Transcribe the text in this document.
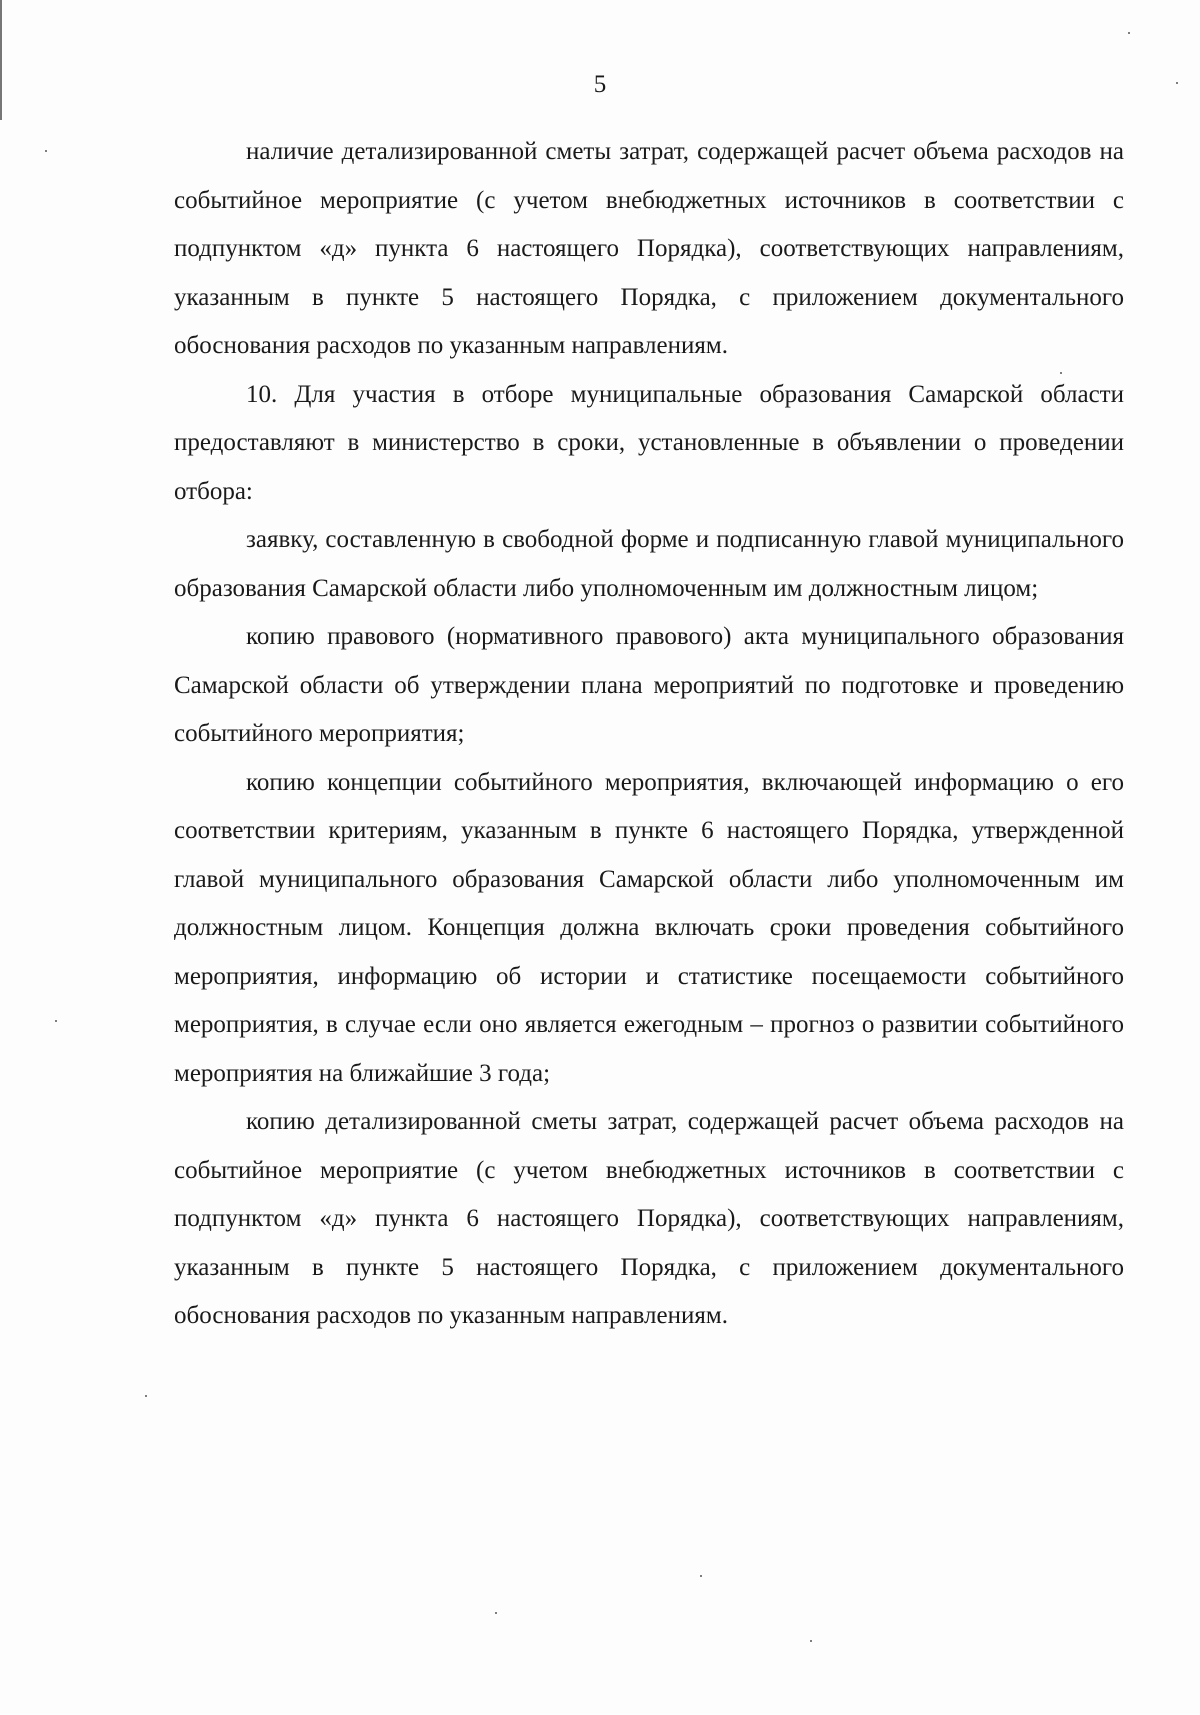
5

наличие детализированной сметы затрат, содержащей расчет объема расходов на событийное мероприятие (с учетом внебюджетных источников в соответствии с подпунктом «д» пункта 6 настоящего Порядка), соответствующих направлениям, указанным в пункте 5 настоящего Порядка, с приложением документального обоснования расходов по указанным направлениям.

10. Для участия в отборе муниципальные образования Самарской области предоставляют в министерство в сроки, установленные в объявлении о проведении отбора:

заявку, составленную в свободной форме и подписанную главой муниципального образования Самарской области либо уполномоченным им должностным лицом;

копию правового (нормативного правового) акта муниципального образования Самарской области об утверждении плана мероприятий по подготовке и проведению событийного мероприятия;

копию концепции событийного мероприятия, включающей информацию о его соответствии критериям, указанным в пункте 6 настоящего Порядка, утвержденной главой муниципального образования Самарской области либо уполномоченным им должностным лицом. Концепция должна включать сроки проведения событийного мероприятия, информацию об истории и статистике посещаемости событийного мероприятия, в случае если оно является ежегодным – прогноз о развитии событийного мероприятия на ближайшие 3 года;

копию детализированной сметы затрат, содержащей расчет объема расходов на событийное мероприятие (с учетом внебюджетных источников в соответствии с подпунктом «д» пункта 6 настоящего Порядка), соответствующих направлениям, указанным в пункте 5 настоящего Порядка, с приложением документального обоснования расходов по указанным направлениям.
